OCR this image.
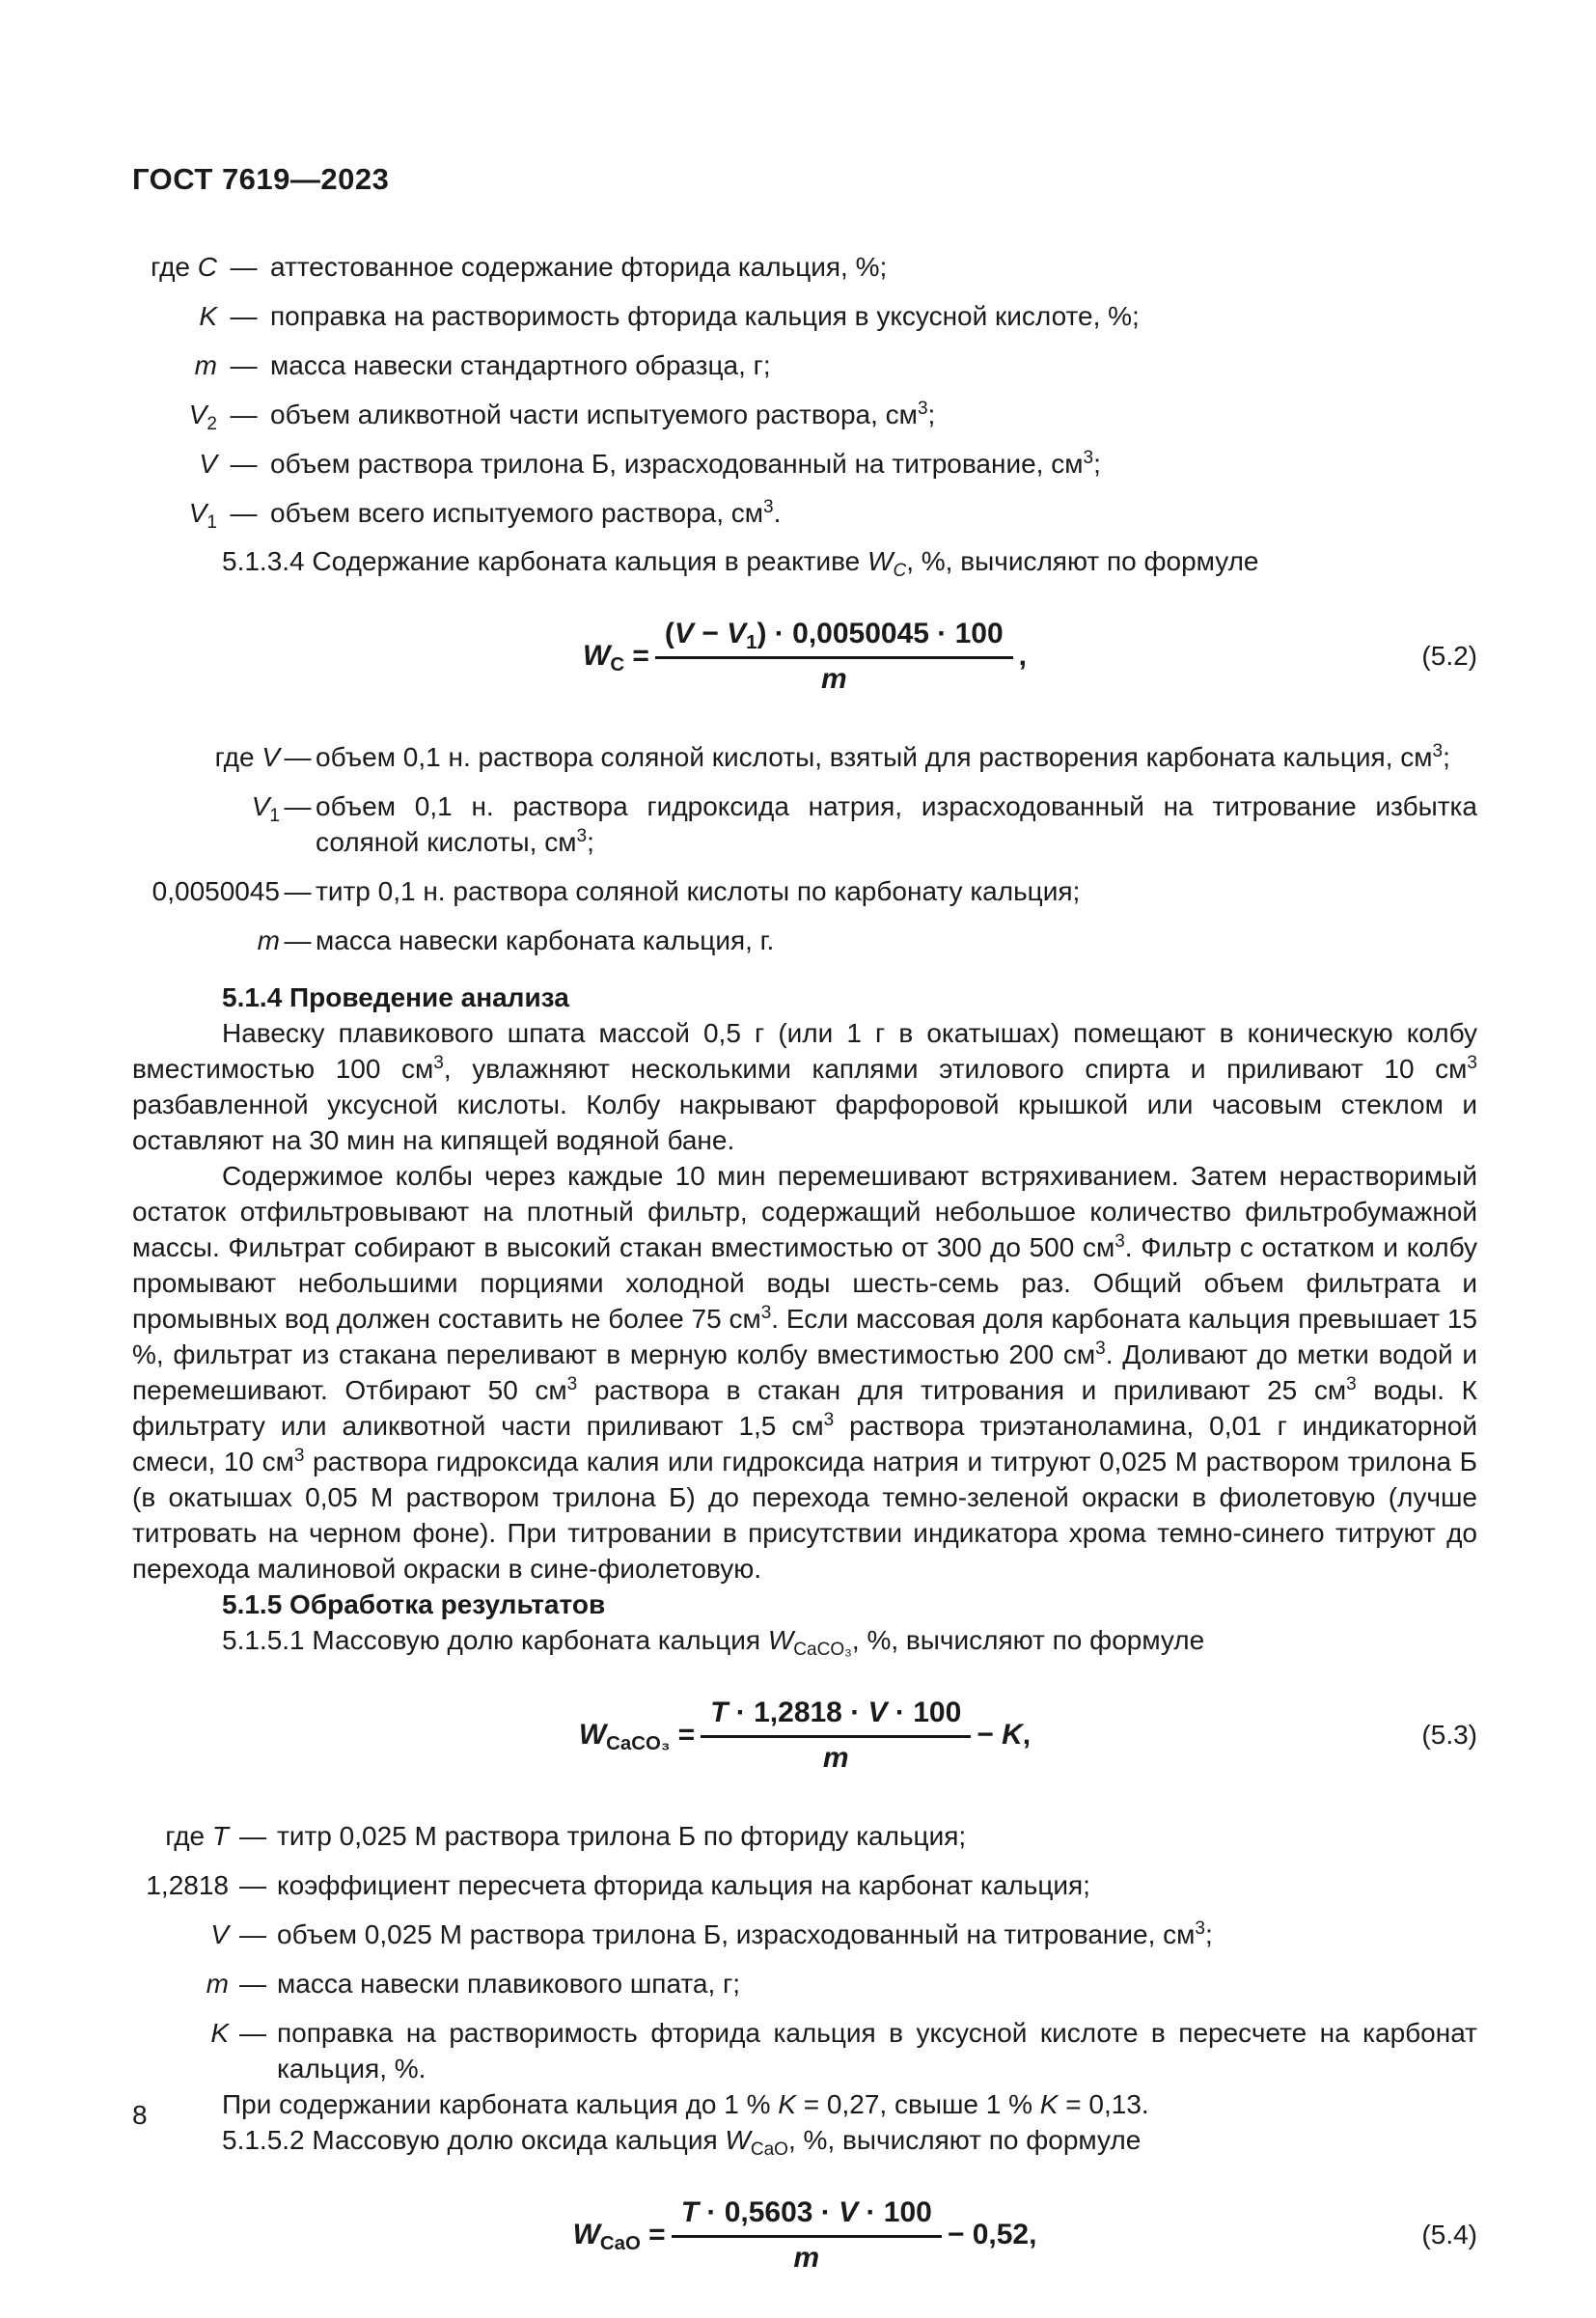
ГОСТ 7619—2023
где C — аттестованное содержание фторида кальция, %;
K — поправка на растворимость фторида кальция в уксусной кислоте, %;
m — масса навески стандартного образца, г;
$V_2$ — объем аликвотной части испытуемого раствора, $см^3$;
V — объем раствора трилона Б, израсходованный на титрование, $см^3$;
$V_1$ — объем всего испытуемого раствора, $см^3$.

5.1.3.4 Содержание карбоната кальция в реактиве $W_C$, %, вычисляют по формуле

$W_C = \frac{(V - V_1) \cdot 0,0050045 \cdot 100}{m}$ ,	(5.2)
где V — объем 0,1 н. раствора соляной кислоты, взятый для растворения карбоната кальция, $см^3$;
$V_1$ — объем 0,1 н. раствора гидроксида натрия, израсходованный на титрование избытка соляной кислоты, $см^3$;
0,0050045 — титр 0,1 н. раствора соляной кислоты по карбонату кальция;
m — масса навески карбоната кальция, г.

5.1.4 Проведение анализа

Навеску плавикового шпата массой 0,5 г (или 1 г в окатышах) помещают в коническую колбу вместимостью 100 $см^3$, увлажняют несколькими каплями этилового спирта и приливают 10 $см^3$ разбавленной уксусной кислоты. Колбу накрывают фарфоровой крышкой или часовым стеклом и оставляют на 30 мин на кипящей водяной бане.

Содержимое колбы через каждые 10 мин перемешивают встряхиванием. Затем нерастворимый остаток отфильтровывают на плотный фильтр, содержащий небольшое количество фильтробумажной массы. Фильтрат собирают в высокий стакан вместимостью от 300 до 500 $см^3$. Фильтр с остатком и колбу промывают небольшими порциями холодной воды шесть-семь раз. Общий объем фильтрата и промывных вод должен составить не более 75 $см^3$. Если массовая доля карбоната кальция превышает 15 %, фильтрат из стакана переливают в мерную колбу вместимостью 200 $см^3$. Доливают до метки водой и перемешивают. Отбирают 50 $см^3$ раствора в стакан для титрования и приливают 25 $см^3$ воды. К фильтрату или аликвотной части приливают 1,5 $см^3$ раствора триэтаноламина, 0,01 г индикаторной смеси, 10 $см^3$ раствора гидроксида калия или гидроксида натрия и титруют 0,025 М раствором трилона Б (в окатышах 0,05 М раствором трилона Б) до перехода темно-зеленой окраски в фиолетовую (лучше титровать на черном фоне). При титровании в присутствии индикатора хрома темно-синего титруют до перехода малиновой окраски в сине-фиолетовую.

5.1.5 Обработка результатов

5.1.5.1 Массовую долю карбоната кальция $W_{CaCO_3}$, %, вычисляют по формуле

$W_{CaCO_3} = \frac{T \cdot 1,2818 \cdot V \cdot 100}{m} - K$,	(5.3)
где T — титр 0,025 М раствора трилона Б по фториду кальция;
1,2818 — коэффициент пересчета фторида кальция на карбонат кальция;
V — объем 0,025 М раствора трилона Б, израсходованный на титрование, $см^3$;
m — масса навески плавикового шпата, г;
K — поправка на растворимость фторида кальция в уксусной кислоте в пересчете на карбонат кальция, %.

При содержании карбоната кальция до 1 % K = 0,27, свыше 1 % K = 0,13.

5.1.5.2 Массовую долю оксида кальция $W_{CaO}$, %, вычисляют по формуле

$W_{CaO} = \frac{T \cdot 0,5603 \cdot V \cdot 100}{m} - 0,52$,	(5.4)
8
